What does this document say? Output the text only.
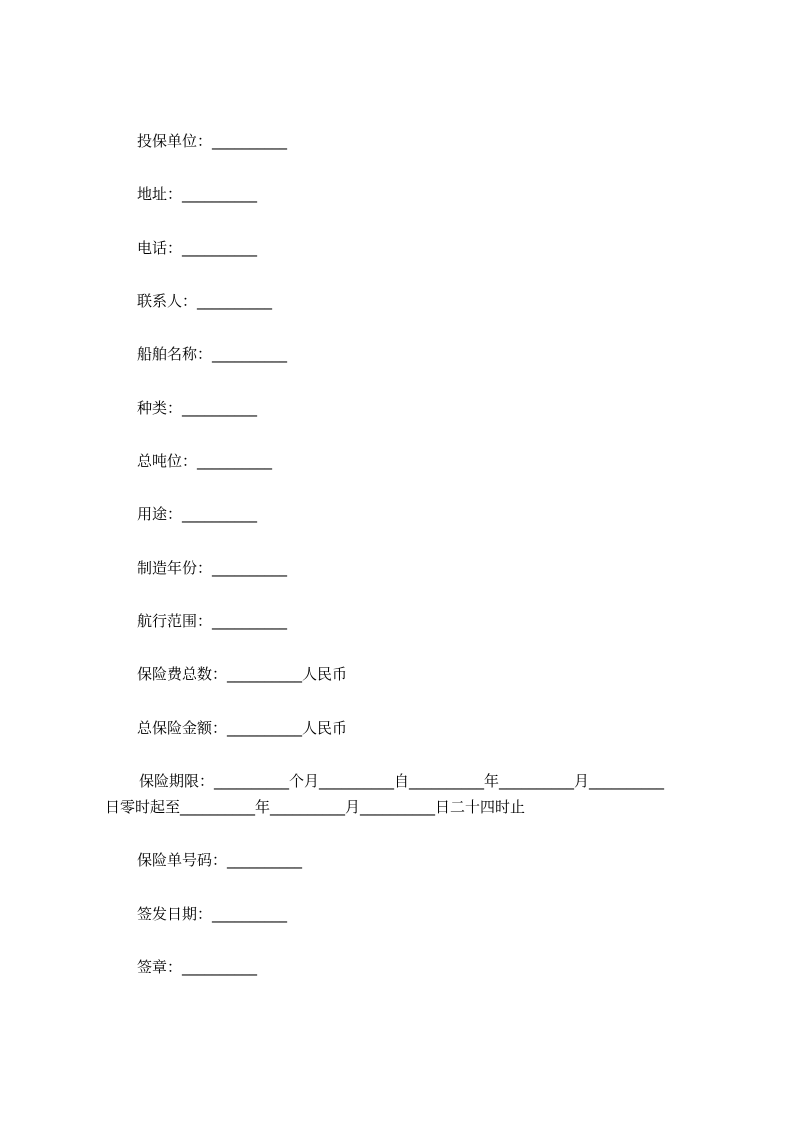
投保单位：__________

地址：__________

电话：__________

联系人：__________

船舶名称：__________

种类：__________

总吨位：__________

用途：__________

制造年份：__________

航行范围：__________

保险费总数：__________人民币

总保险金额：__________人民币

保险期限：__________个月__________自__________年__________月__________
日零时起至__________年__________月__________日二十四时止

保险单号码：__________

签发日期：__________

签章：__________
